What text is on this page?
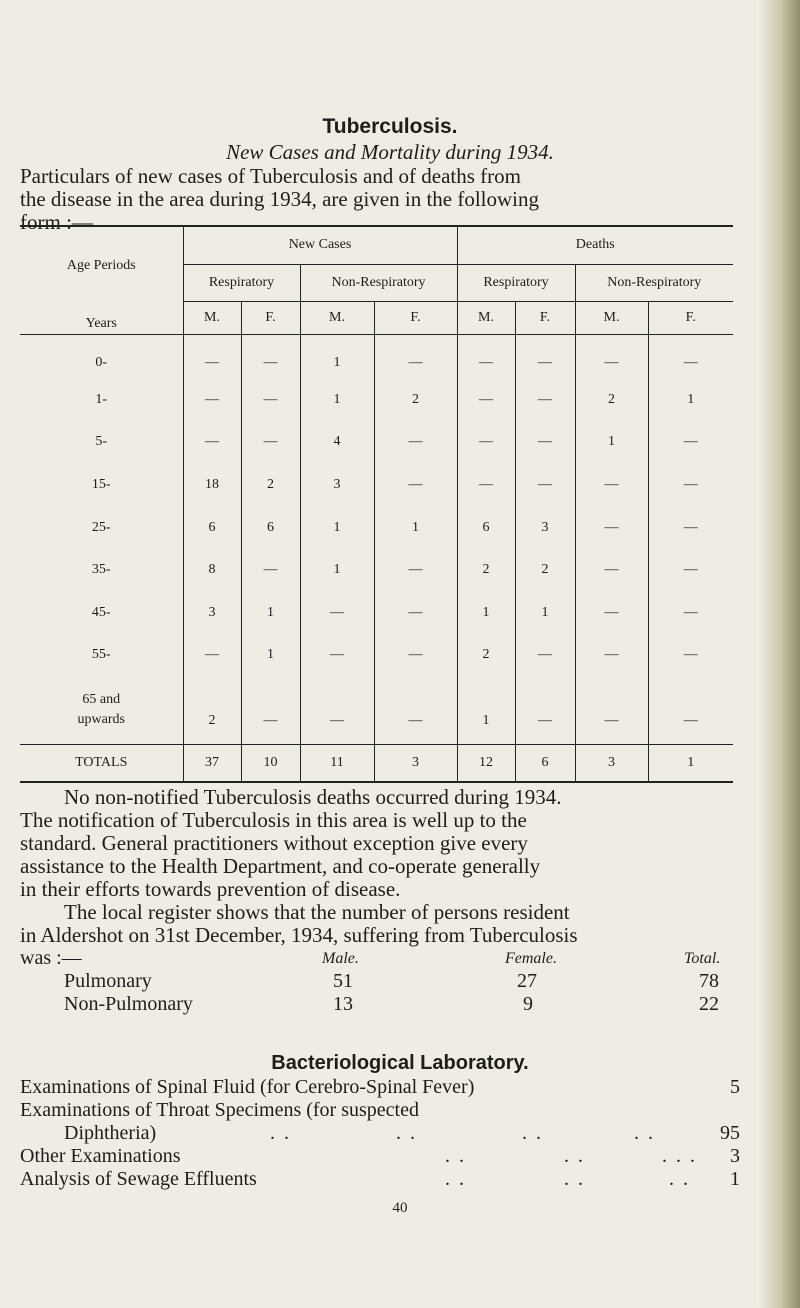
Tuberculosis.
New Cases and Mortality during 1934.
Particulars of new cases of Tuberculosis and of deaths from
the disease in the area during 1934, are given in the following
form :—
Age Periods	New Cases				Deaths			
	Respiratory		Non-Respiratory		Respiratory		Non-Respiratory	
Years	M.	F.	M.	F.	M.	F.	M.	F.
0-	—	—	1	—	—	—	—	—
1-	—	—	1	2	—	—	2	1
5-	—	—	4	—	—	—	1	—
15-	18	2	3	—	—	—	—	—
25-	6	6	1	1	6	3	—	—
35-	8	—	1	—	2	2	—	—
45-	3	1	—	—	1	1	—	—
55-	—	1	—	—	2	—	—	—
65 and upwards	2	—	—	—	1	—	—	—
TOTALS	37	10	11	3	12	6	3	1
No non-notified Tuberculosis deaths occurred during 1934.
The notification of Tuberculosis in this area is well up to the
standard. General practitioners without exception give every
assistance to the Health Department, and co-operate generally
in their efforts towards prevention of disease.
The local register shows that the number of persons resident
in Aldershot on 31st December, 1934, suffering from Tuberculosis
was :—	Male.	Female.	Total.
Pulmonary	51	27	78
Non-Pulmonary	13	9	22
Bacteriological Laboratory.
Examinations of Spinal Fluid (for Cerebro-Spinal Fever)	5
Examinations of Throat Specimens (for suspected
Diphtheria)	. .               . .               . .             . .	95
Other Examinations	. .              . .           . . . 3
Analysis of Sewage Effluents	. .              . .            . . 1
40
